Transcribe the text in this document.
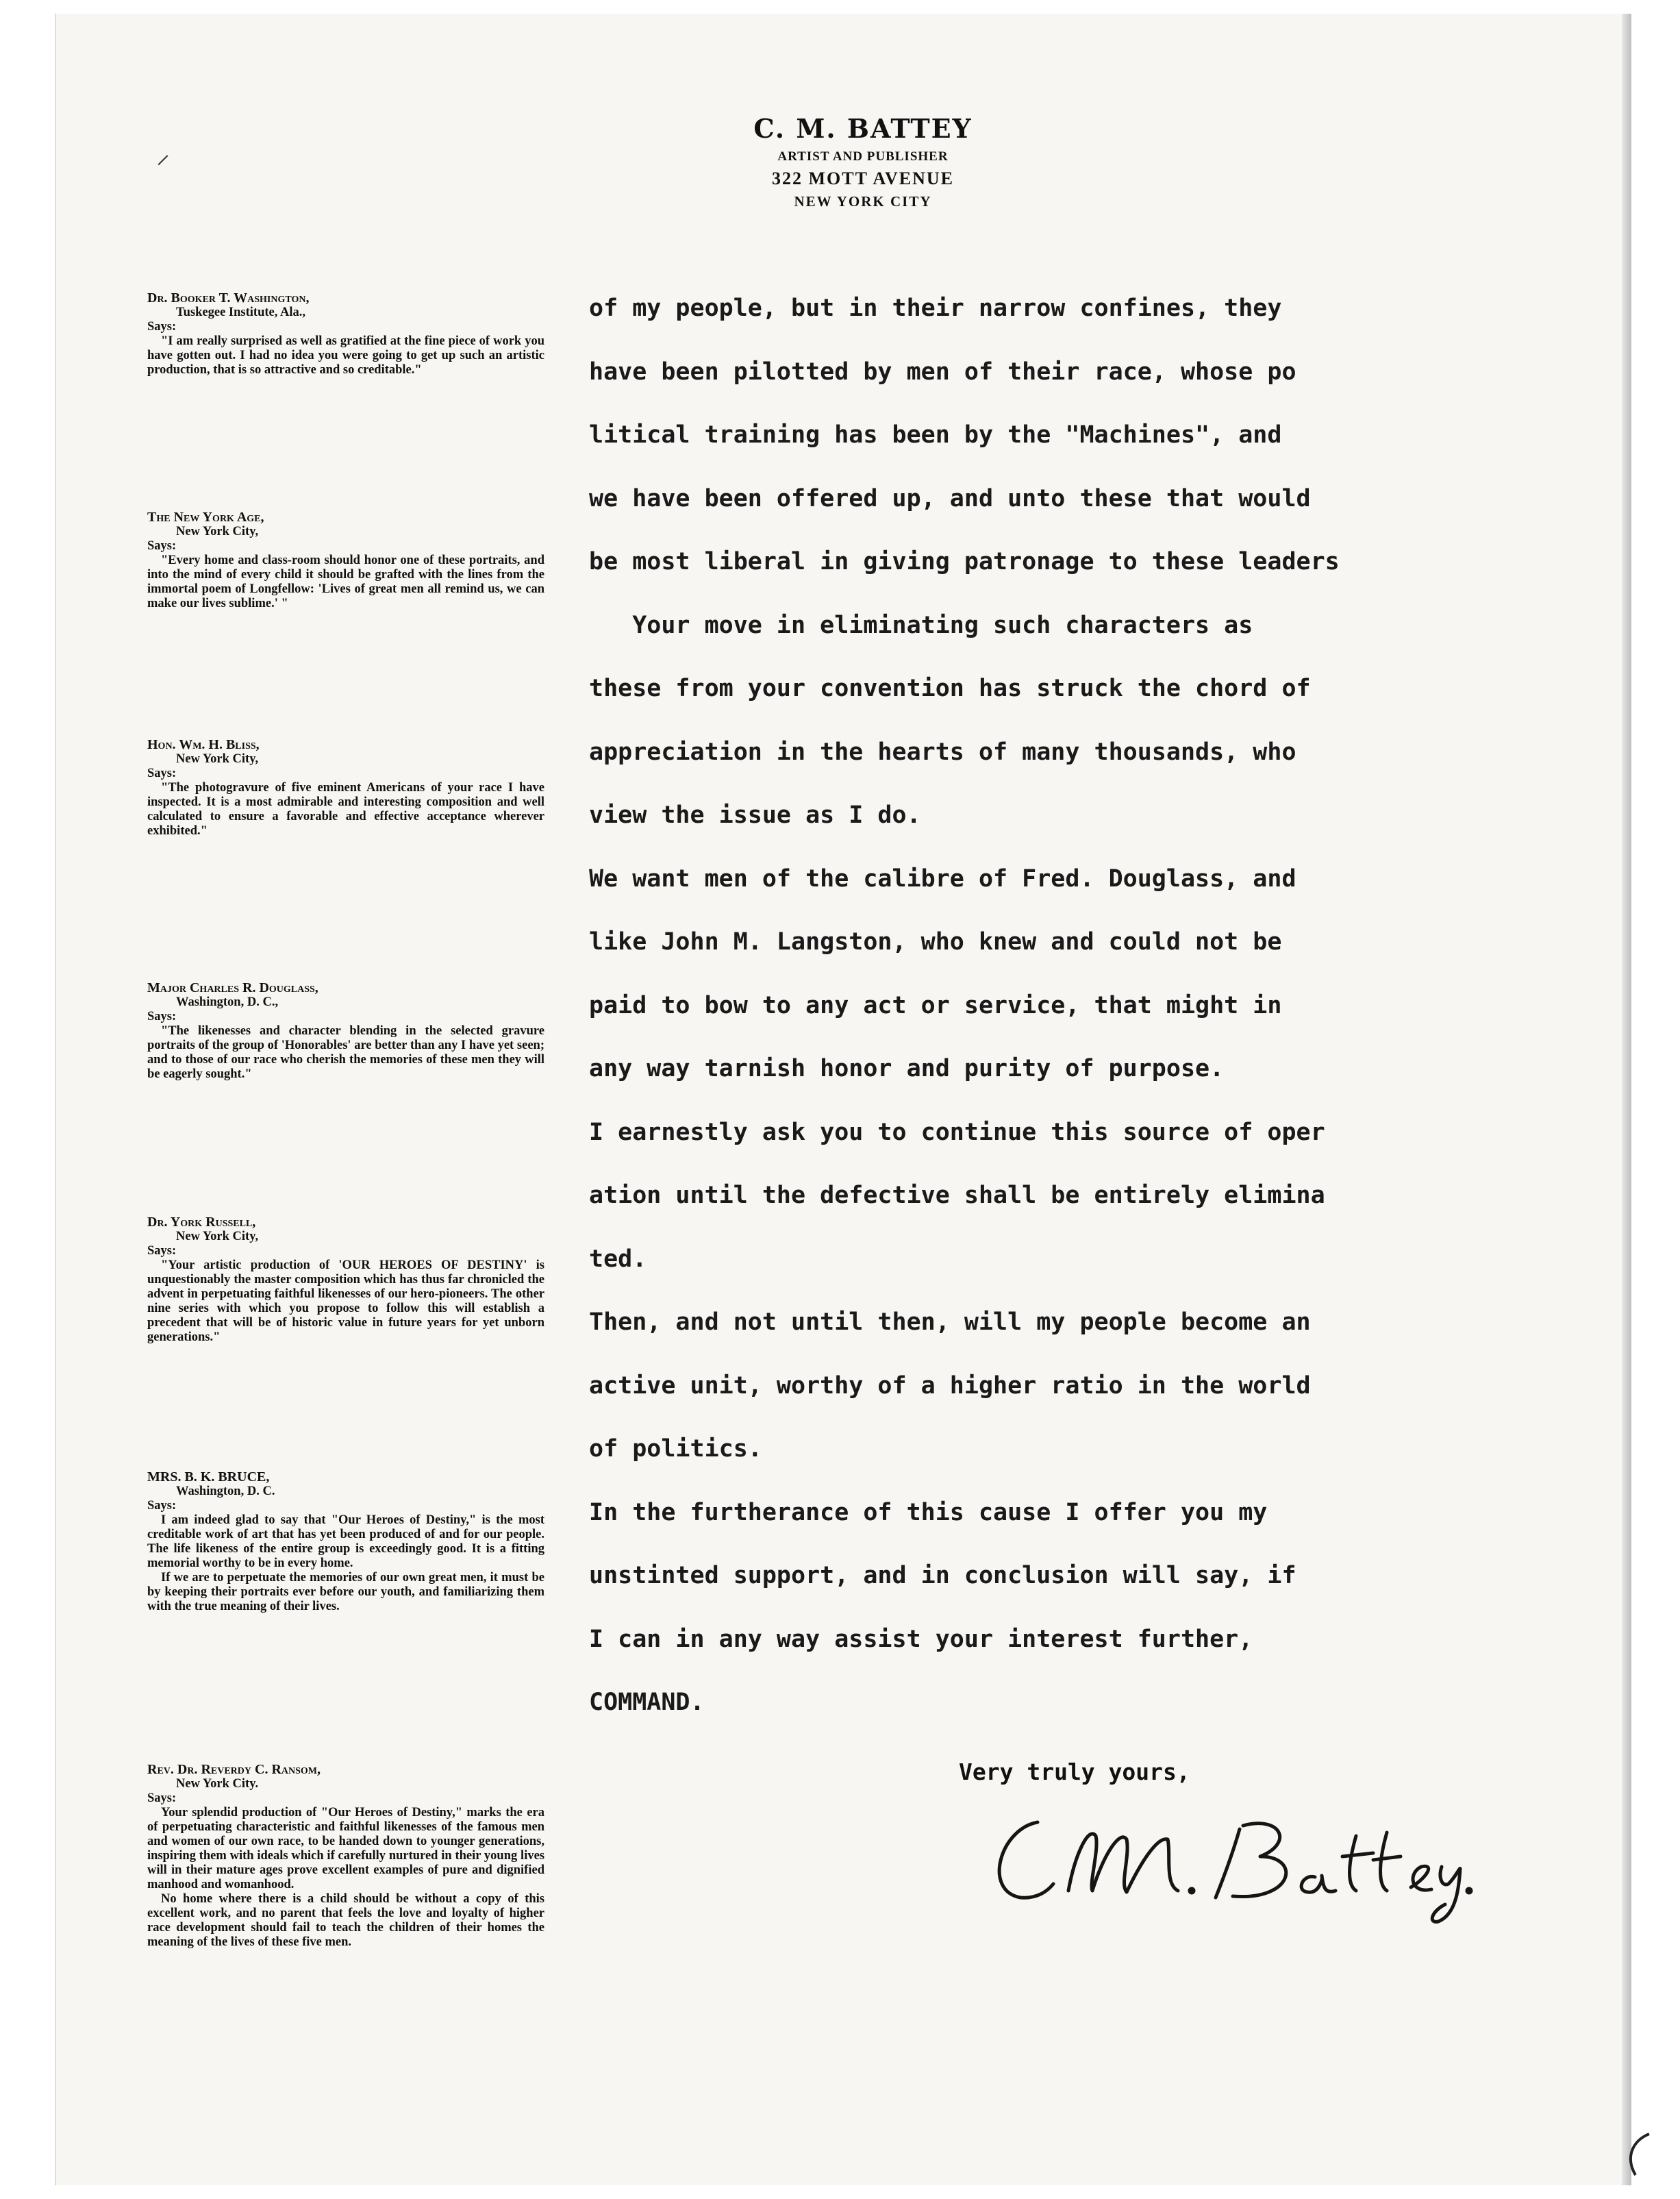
⸝

C. M. BATTEY

ARTIST AND PUBLISHER

322 MOTT AVENUE

NEW YORK CITY

Dr. Booker T. Washington,
Tuskegee Institute, Ala.,
Says:
"I am really surprised as well as gratified at the fine piece of work you have gotten out. I had no idea you were going to get up such an artistic production, that is so attractive and so creditable."
The New York Age,
New York City,
Says:
"Every home and class-room should honor one of these portraits, and into the mind of every child it should be grafted with the lines from the immortal poem of Longfellow: 'Lives of great men all remind us, we can make our lives sublime.' "
Hon. Wm. H. Bliss,
New York City,
Says:
"The photogravure of five eminent Americans of your race I have inspected. It is a most admirable and interesting composition and well calculated to ensure a favorable and effective acceptance wherever exhibited."
Major Charles R. Douglass,
Washington, D. C.,
Says:
"The likenesses and character blending in the selected gravure portraits of the group of 'Honorables' are better than any I have yet seen; and to those of our race who cherish the memories of these men they will be eagerly sought."
Dr. York Russell,
New York City,
Says:
"Your artistic production of 'OUR HEROES OF DESTINY' is unquestionably the master composition which has thus far chronicled the advent in perpetuating faithful likenesses of our hero-pioneers. The other nine series with which you propose to follow this will establish a precedent that will be of historic value in future years for yet unborn generations."
MRS. B. K. BRUCE,
Washington, D. C.
Says:
I am indeed glad to say that "Our Heroes of Destiny," is the most creditable work of art that has yet been produced of and for our people. The life likeness of the entire group is exceedingly good. It is a fitting memorial worthy to be in every home.
If we are to perpetuate the memories of our own great men, it must be by keeping their portraits ever before our youth, and familiarizing them with the true meaning of their lives.
Rev. Dr. Reverdy C. Ransom,
New York City.
Says:
Your splendid production of "Our Heroes of Destiny," marks the era of perpetuating characteristic and faithful likenesses of the famous men and women of our own race, to be handed down to younger generations, inspiring them with ideals which if carefully nurtured in their young lives will in their mature ages prove excellent examples of pure and dignified manhood and womanhood.
No home where there is a child should be without a copy of this excellent work, and no parent that feels the love and loyalty of higher race development should fail to teach the children of their homes the meaning of the lives of these five men.
of my people, but in their narrow confines, they
have been pilotted by men of their race, whose po
litical training has been by the "Machines", and
we have been offered up, and unto these that would
be most liberal in giving patronage to these leaders
Your move in eliminating such characters as
these from your convention has struck the chord of
appreciation in the hearts of many thousands, who
view the issue as I do.
We want men of the calibre of Fred. Douglass, and
like John M. Langston, who knew and could not be
paid to bow to any act or service, that might in
any way tarnish honor and purity of purpose.
I earnestly ask you to continue this source of oper
ation until the defective shall be entirely elimina
ted.
Then, and not until then, will my people become an
active unit, worthy of a higher ratio in the world
of politics.
In the furtherance of this cause I offer you my
unstinted support, and in conclusion will say, if
I can in any way assist your interest further,
COMMAND.
Very truly yours,
